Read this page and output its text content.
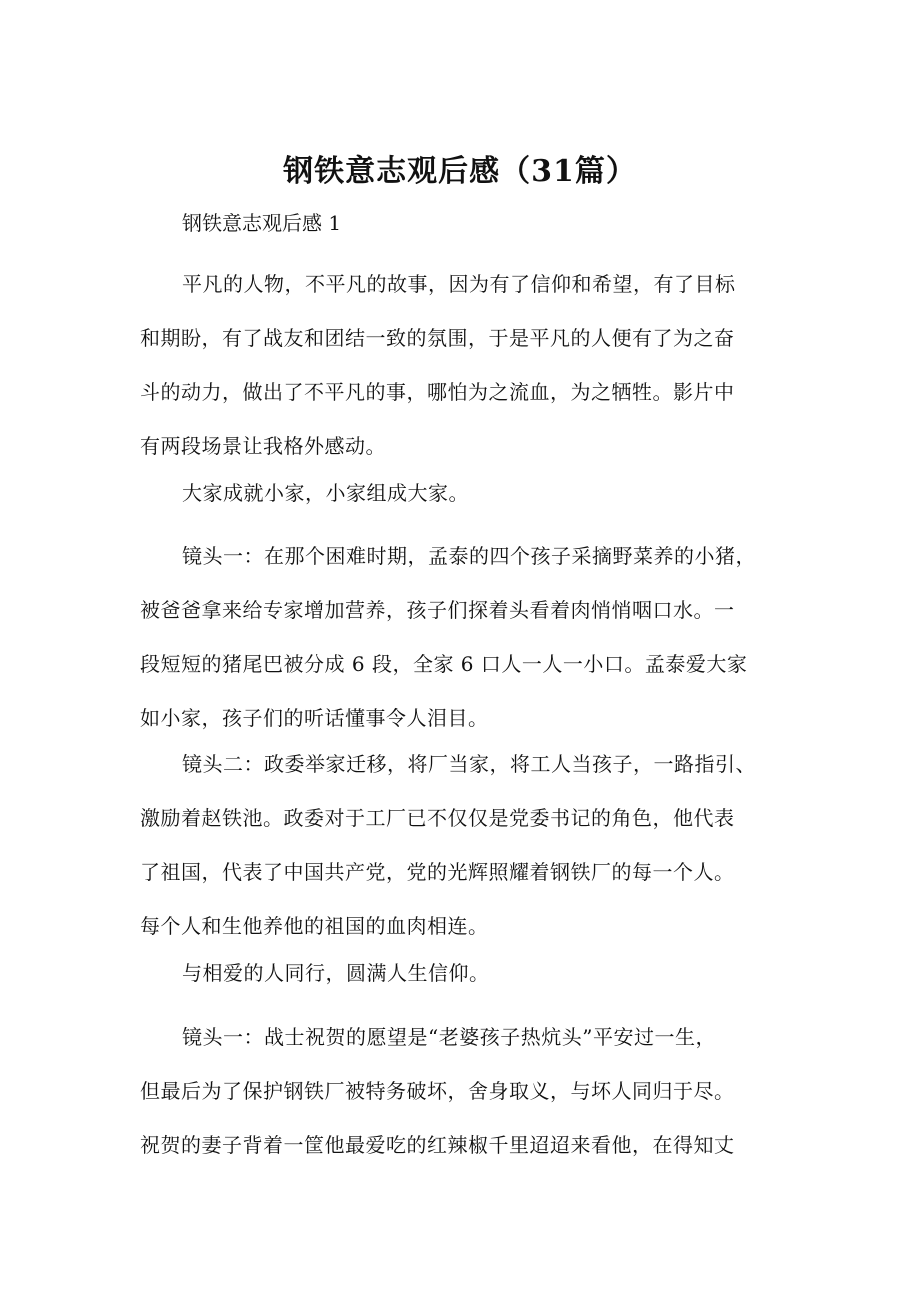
钢铁意志观后感（31篇）
钢铁意志观后感 1
平凡的人物，不平凡的故事，因为有了信仰和希望，有了目标
和期盼，有了战友和团结一致的氛围，于是平凡的人便有了为之奋
斗的动力，做出了不平凡的事，哪怕为之流血，为之牺牲。影片中
有两段场景让我格外感动。
大家成就小家，小家组成大家。
镜头一：在那个困难时期，孟泰的四个孩子采摘野菜养的小猪，
被爸爸拿来给专家增加营养，孩子们探着头看着肉悄悄咽口水。一
段短短的猪尾巴被分成 6 段，全家 6 口人一人一小口。孟泰爱大家
如小家，孩子们的听话懂事令人泪目。
镜头二：政委举家迁移，将厂当家，将工人当孩子，一路指引、
激励着赵铁池。政委对于工厂已不仅仅是党委书记的角色，他代表
了祖国，代表了中国共产党，党的光辉照耀着钢铁厂的每一个人。
每个人和生他养他的祖国的血肉相连。
与相爱的人同行，圆满人生信仰。
镜头一：战士祝贺的愿望是“老婆孩子热炕头”平安过一生，
但最后为了保护钢铁厂被特务破坏，舍身取义，与坏人同归于尽。
祝贺的妻子背着一筐他最爱吃的红辣椒千里迢迢来看他，在得知丈
